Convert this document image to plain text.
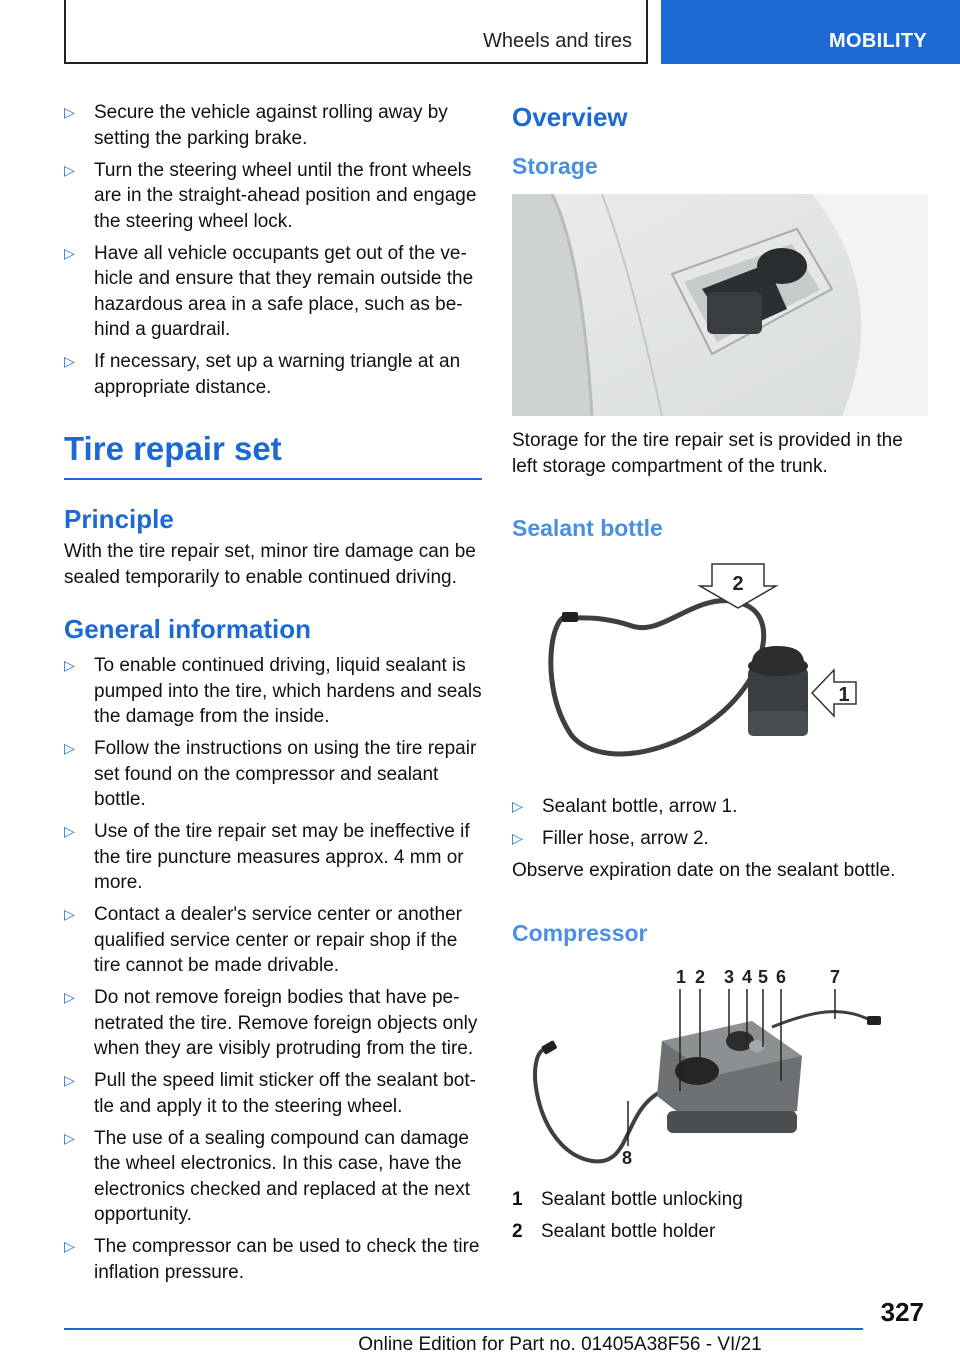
Wheels and tires	MOBILITY
▷ Secure the vehicle against rolling away by setting the parking brake.
▷ Turn the steering wheel until the front wheels are in the straight-ahead position and engage the steering wheel lock.
▷ Have all vehicle occupants get out of the ve-hicle and ensure that they remain outside the hazardous area in a safe place, such as be-hind a guardrail.
▷ If necessary, set up a warning triangle at an appropriate distance.
Tire repair set
Principle

With the tire repair set, minor tire damage can be sealed temporarily to enable continued driving.

General information
▷ To enable continued driving, liquid sealant is pumped into the tire, which hardens and seals the damage from the inside.
▷ Follow the instructions on using the tire repair set found on the compressor and sealant bottle.
▷ Use of the tire repair set may be ineffective if the tire puncture measures approx. 4 mm or more.
▷ Contact a dealer's service center or another qualified service center or repair shop if the tire cannot be made drivable.
▷ Do not remove foreign bodies that have pe-netrated the tire. Remove foreign objects only when they are visibly protruding from the tire.
▷ Pull the speed limit sticker off the sealant bot-tle and apply it to the steering wheel.
▷ The use of a sealing compound can damage the wheel electronics. In this case, have the electronics checked and replaced at the next opportunity.
▷ The compressor can be used to check the tire inflation pressure.
Overview
Storage

Storage for the tire repair set is provided in the left storage compartment of the trunk.

Sealant bottle
2
1
▷ Sealant bottle, arrow 1.
▷ Filler hose, arrow 2.

Observe expiration date on the sealant bottle.

Compressor
1 2 3 4 5 6 7
8
1 Sealant bottle unlocking
2 Sealant bottle holder
327
Online Edition for Part no. 01405A38F56 - VI/21
